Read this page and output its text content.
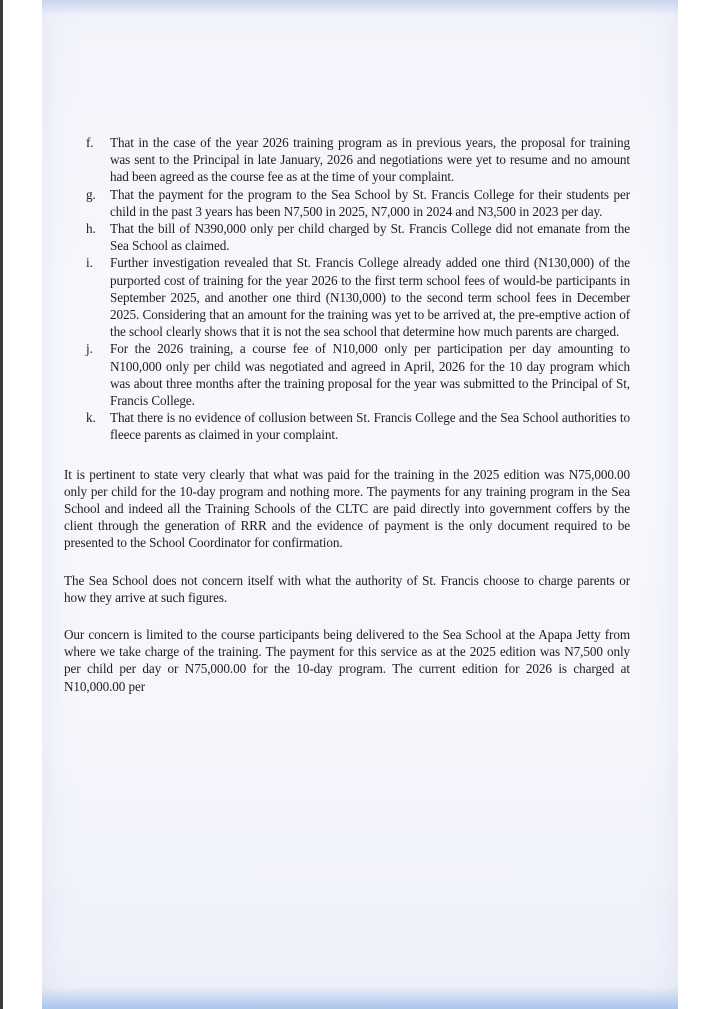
f. That in the case of the year 2026 training program as in previous years, the proposal for training was sent to the Principal in late January, 2026 and negotiations were yet to resume and no amount had been agreed as the course fee as at the time of your complaint.
g. That the payment for the program to the Sea School by St. Francis College for their students per child in the past 3 years has been N7,500 in 2025, N7,000 in 2024 and N3,500 in 2023 per day.
h. That the bill of N390,000 only per child charged by St. Francis College did not emanate from the Sea School as claimed.
i. Further investigation revealed that St. Francis College already added one third (N130,000) of the purported cost of training for the year 2026 to the first term school fees of would-be participants in September 2025, and another one third (N130,000) to the second term school fees in December 2025. Considering that an amount for the training was yet to be arrived at, the pre-emptive action of the school clearly shows that it is not the sea school that determine how much parents are charged.
j. For the 2026 training, a course fee of N10,000 only per participation per day amounting to N100,000 only per child was negotiated and agreed in April, 2026 for the 10 day program which was about three months after the training proposal for the year was submitted to the Principal of St, Francis College.
k. That there is no evidence of collusion between St. Francis College and the Sea School authorities to fleece parents as claimed in your complaint.

It is pertinent to state very clearly that what was paid for the training in the 2025 edition was N75,000.00 only per child for the 10-day program and nothing more. The payments for any training program in the Sea School and indeed all the Training Schools of the CLTC are paid directly into government coffers by the client through the generation of RRR and the evidence of payment is the only document required to be presented to the School Coordinator for confirmation.

The Sea School does not concern itself with what the authority of St. Francis choose to charge parents or how they arrive at such figures.

Our concern is limited to the course participants being delivered to the Sea School at the Apapa Jetty from where we take charge of the training. The payment for this service as at the 2025 edition was N7,500 only per child per day or N75,000.00 for the 10-day program. The current edition for 2026 is charged at N10,000.00 per
